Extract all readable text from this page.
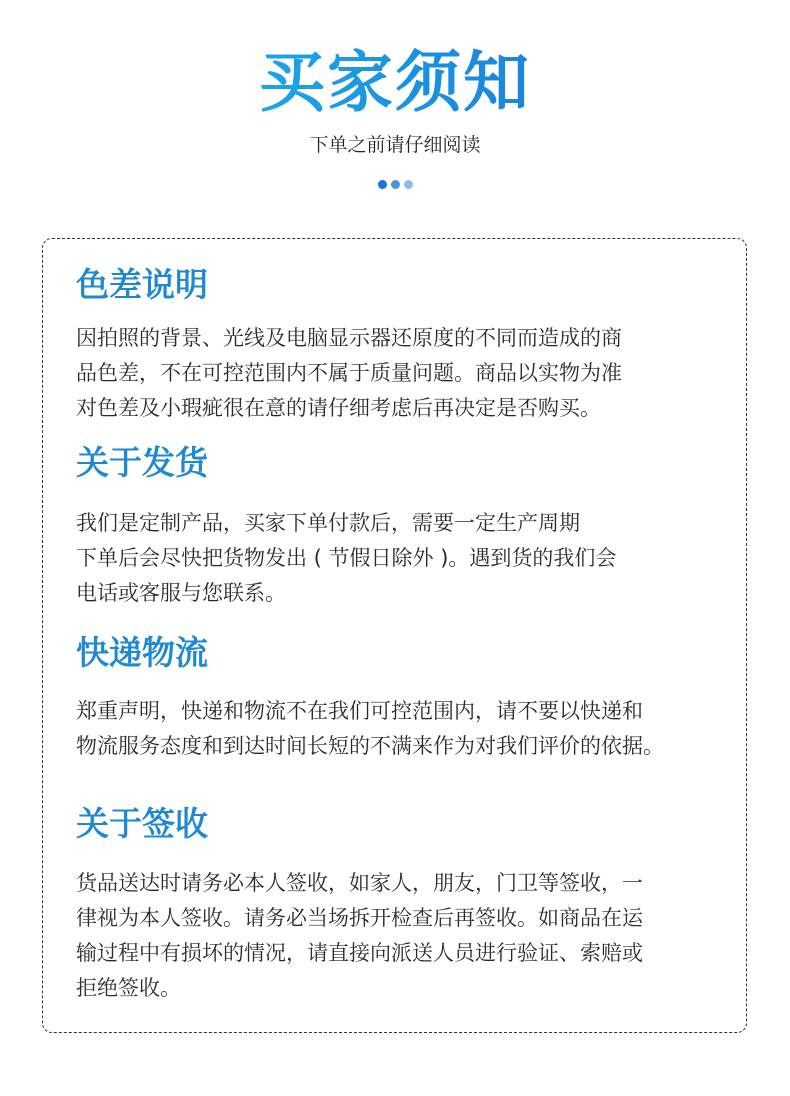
买家须知
下单之前请仔细阅读
色差说明
因拍照的背景、光线及电脑显示器还原度的不同而造成的商
品色差，不在可控范围内不属于质量问题。商品以实物为准
对色差及小瑕疵很在意的请仔细考虑后再决定是否购买。
关于发货
我们是定制产品，买家下单付款后，需要一定生产周期
下单后会尽快把货物发出 ( 节假日除外 )。遇到货的我们会
电话或客服与您联系。
快递物流
郑重声明，快递和物流不在我们可控范围内，请不要以快递和
物流服务态度和到达时间长短的不满来作为对我们评价的依据。
关于签收
货品送达时请务必本人签收，如家人，朋友，门卫等签收，一
律视为本人签收。请务必当场拆开检查后再签收。如商品在运
输过程中有损坏的情况，请直接向派送人员进行验证、索赔或
拒绝签收。
